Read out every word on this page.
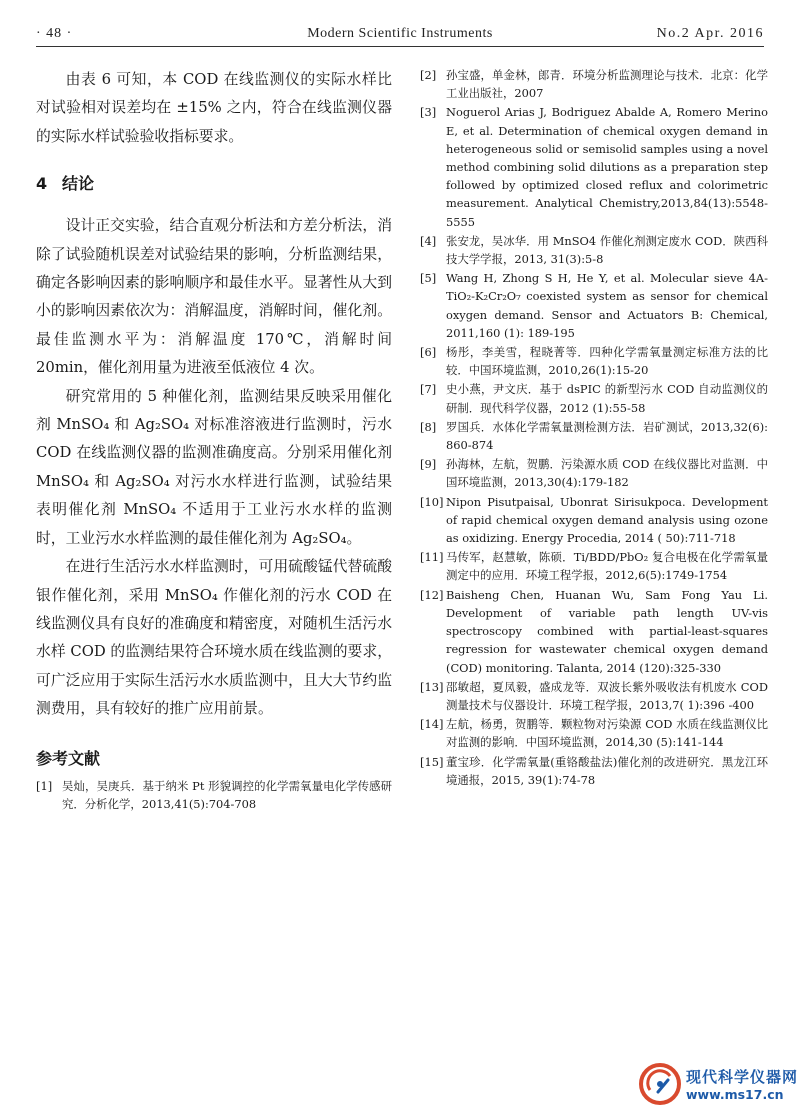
· 48 ·	Modern Scientific Instruments	No.2 Apr. 2016

由表 6 可知，本 COD 在线监测仪的实际水样比对试验相对误差均在 ±15% 之内，符合在线监测仪器的实际水样试验验收指标要求。

4 结论

设计正交实验，结合直观分析法和方差分析法，消除了试验随机误差对试验结果的影响，分析监测结果，确定各影响因素的影响顺序和最佳水平。显著性从大到小的影响因素依次为：消解温度，消解时间，催化剂。最佳监测水平为：消解温度 170℃，消解时间 20min，催化剂用量为进液至低液位 4 次。

研究常用的 5 种催化剂，监测结果反映采用催化剂 MnSO₄ 和 Ag₂SO₄ 对标准溶液进行监测时，污水 COD 在线监测仪器的监测准确度高。分别采用催化剂 MnSO₄ 和 Ag₂SO₄ 对污水水样进行监测，试验结果表明催化剂 MnSO₄ 不适用于工业污水水样的监测时，工业污水水样监测的最佳催化剂为 Ag₂SO₄。

在进行生活污水水样监测时，可用硫酸锰代替硫酸银作催化剂，采用 MnSO₄ 作催化剂的污水 COD 在线监测仪具有良好的准确度和精密度，对随机生活污水水样 COD 的监测结果符合环境水质在线监测的要求，可广泛应用于实际生活污水水质监测中，且大大节约监测费用，具有较好的推广应用前景。

参考文献
[1] 吴灿，吴庚兵．基于纳米 Pt 形貌调控的化学需氧量电化学传感研究．分析化学，2013,41(5):704-708
[2] 孙宝盛，单金林，郎青．环境分析监测理论与技术．北京：化学工业出版社，2007
[3] Noguerol Arias J, Bodriguez Abalde A, Romero Merino E, et al. Determination of chemical oxygen demand in heterogeneous solid or semisolid samples using a novel method combining solid dilutions as a preparation step followed by optimized closed reflux and colorimetric measurement. Analytical Chemistry,2013,84(13):5548-5555
[4] 张安龙，吴冰华．用 MnSO4 作催化剂测定废水 COD．陕西科技大学学报，2013, 31(3):5-8
[5] Wang H, Zhong S H, He Y, et al. Molecular sieve 4A-TiO₂-K₂Cr₂O₇ coexisted system as sensor for chemical oxygen demand. Sensor and Actuators B: Chemical, 2011,160 (1): 189-195
[6] 杨彤，李美雪，程晓菁等．四种化学需氧量测定标准方法的比较．中国环境监测，2010,26(1):15-20
[7] 史小燕，尹文庆．基于 dsPIC 的新型污水 COD 自动监测仪的研制．现代科学仪器，2012 (1):55-58
[8] 罗国兵．水体化学需氧量测检测方法．岩矿测试，2013,32(6): 860-874
[9] 孙海林，左航，贺鹏．污染源水质 COD 在线仪器比对监测．中国环境监测，2013,30(4):179-182
[10] Nipon Pisutpaisal, Ubonrat Sirisukpoca. Development of rapid chemical oxygen demand analysis using ozone as oxidizing. Energy Procedia, 2014 ( 50):711-718
[11] 马传军，赵慧敏，陈硕．Ti/BDD/PbO₂ 复合电极在化学需氧量测定中的应用．环境工程学报，2012,6(5):1749-1754
[12] Baisheng Chen, Huanan Wu, Sam Fong Yau Li. Development of variable path length UV-vis spectroscopy combined with partial-least-squares regression for wastewater chemical oxygen demand (COD) monitoring. Talanta, 2014 (120):325-330
[13] 邵敏超，夏凤毅，盛成龙等．双波长紫外吸收法有机废水 COD 测量技术与仪器设计．环境工程学报，2013,7( 1):396 -400
[14] 左航，杨勇，贺鹏等．颗粒物对污染源 COD 水质在线监测仪比对监测的影响．中国环境监测，2014,30 (5):141-144
[15] 董宝珍．化学需氧量(重铬酸盐法)催化剂的改进研究．黑龙江环境通报，2015, 39(1):74-78
现代科学仪器网
www.ms17.cn
